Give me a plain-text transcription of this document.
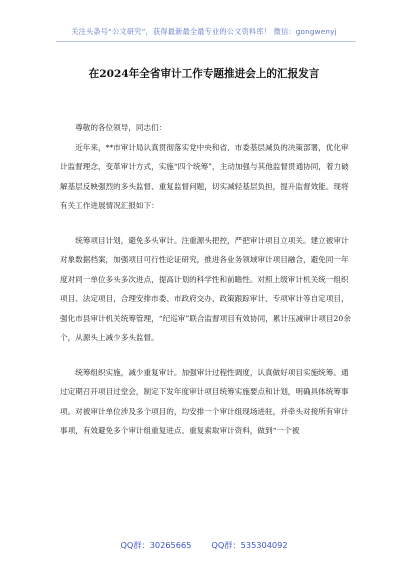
关注头条号“公文研究”，获得最新最全最专业的公文资料库！ 微信：gongwenyj
在2024年全省审计工作专题推进会上的汇报发言

尊敬的各位领导，同志们：

近年来，**市审计局认真贯彻落实党中央和省、市委基层减负的决策部署，优化审计监督理念，变革审计方式，实施“四个统筹”，主动加强与其他监督贯通协同，着力破解基层反映强烈的多头监督、重复监督问题，切实减轻基层负担，提升监督效能。现将有关工作进展情况汇报如下：

统筹项目计划，避免多头审计。注重源头把控，严把审计项目立项关。建立被审计对象数据档案，加强项目可行性论证研究，推进各业务领域审计项目融合，避免同一年度对同一单位多头多次进点，提高计划的科学性和前瞻性。对照上级审计机关统一组织项目、法定项目，合理安排市委、市政府交办、政策跟踪审计、专项审计等自定项目，强化市县审计机关统筹管理，“纪巡审”联合监督项目有效协同，累计压减审计项目20余个，从源头上减少多头监督。

统筹组织实施，减少重复审计。加强审计过程性调度，认真做好项目实施统筹。通过定期召开项目过堂会，制定下发年度审计项目统筹实施要点和计划，明确具体统筹事项。对被审计单位涉及多个项目的，均安排一个审计组现场进驻，并牵头对接所有审计事项，有效避免多个审计组重复进点、重复索取审计资料，做到“一个被

QQ群：30265665 QQ群：535304092
